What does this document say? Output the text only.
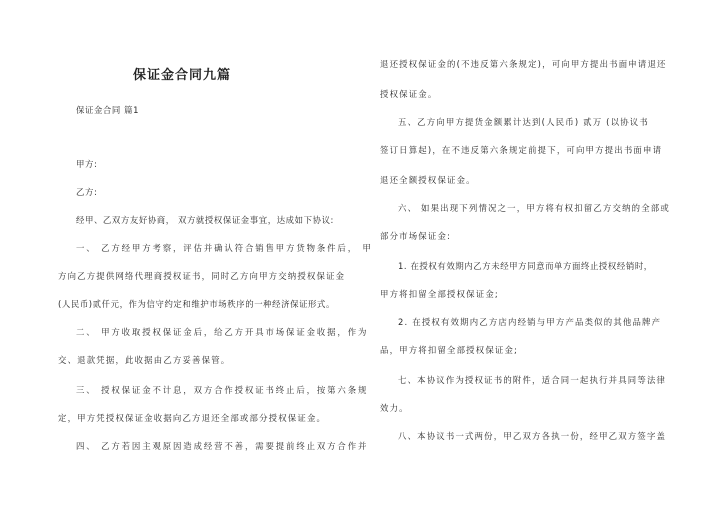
保证金合同九篇

保证金合同 篇1

甲方:

乙方:

经甲、乙双方友好协商， 双方就授权保证金事宜，达成如下协议:

一、 乙方经甲方考察，评估并确认符合销售甲方货物条件后， 甲

方向乙方提供网络代理商授权证书，同时乙方向甲方交纳授权保证金

(人民币)贰仟元，作为信守约定和维护市场秩序的一种经济保证形式。

二、 甲方收取授权保证金后，给乙方开具市场保证金收据，作为

交、退款凭据，此收据由乙方妥善保管。

三、 授权保证金不计息，双方合作授权证书终止后，按第六条规

定，甲方凭授权保证金收据向乙方退还全部或部分授权保证金。

四、 乙方若因主观原因造成经营不善，需要提前终止双方合作并

退还授权保证金的(不违反第六条规定)，可向甲方提出书面申请退还

授权保证金。

五、乙方向甲方提货金额累计达到(人民币) 贰万 (以协议书

签订日算起)，在不违反第六条规定前提下，可向甲方提出书面申请

退还全额授权保证金。

六、 如果出现下列情况之一，甲方将有权扣留乙方交纳的全部或

部分市场保证金:

1. 在授权有效期内乙方未经甲方同意而单方面终止授权经销时，

甲方将扣留全部授权保证金;

2. 在授权有效期内乙方店内经销与甲方产品类似的其他品牌产

品，甲方将扣留全部授权保证金;

七、本协议作为授权证书的附件，适合同一起执行并具同等法律

效力。

八、本协议书一式两份，甲乙双方各执一份，经甲乙双方签字盖
